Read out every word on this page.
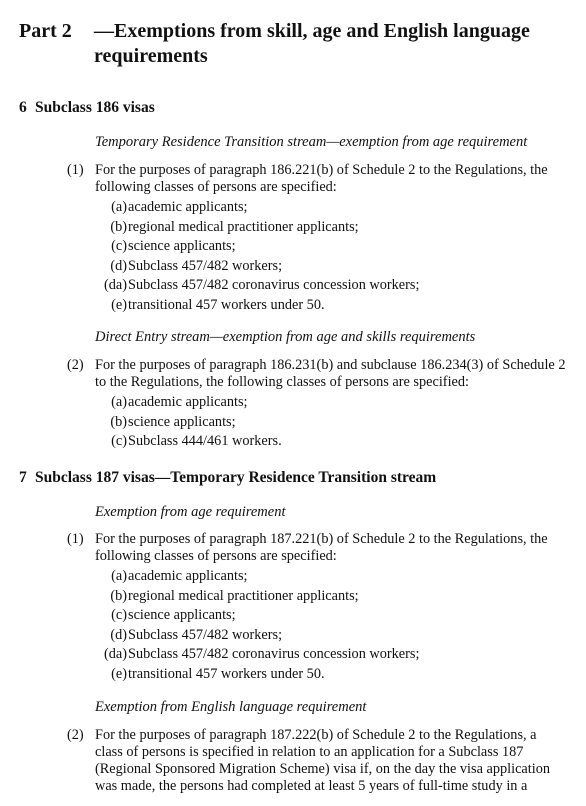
Part 2 —Exemptions from skill, age and English language requirements
6 Subclass 186 visas

Temporary Residence Transition stream—exemption from age requirement

(1) For the purposes of paragraph 186.221(b) of Schedule 2 to the Regulations, the following classes of persons are specified:
(a) academic applicants;
(b) regional medical practitioner applicants;
(c) science applicants;
(d) Subclass 457/482 workers;
(da) Subclass 457/482 coronavirus concession workers;
(e) transitional 457 workers under 50.

Direct Entry stream—exemption from age and skills requirements

(2) For the purposes of paragraph 186.231(b) and subclause 186.234(3) of Schedule 2 to the Regulations, the following classes of persons are specified:
(a) academic applicants;
(b) science applicants;
(c) Subclass 444/461 workers.
7 Subclass 187 visas—Temporary Residence Transition stream

Exemption from age requirement

(1) For the purposes of paragraph 187.221(b) of Schedule 2 to the Regulations, the following classes of persons are specified:
(a) academic applicants;
(b) regional medical practitioner applicants;
(c) science applicants;
(d) Subclass 457/482 workers;
(da) Subclass 457/482 coronavirus concession workers;
(e) transitional 457 workers under 50.

Exemption from English language requirement

(2) For the purposes of paragraph 187.222(b) of Schedule 2 to the Regulations, a class of persons is specified in relation to an application for a Subclass 187 (Regional Sponsored Migration Scheme) visa if, on the day the visa application was made, the persons had completed at least 5 years of full-time study in a
